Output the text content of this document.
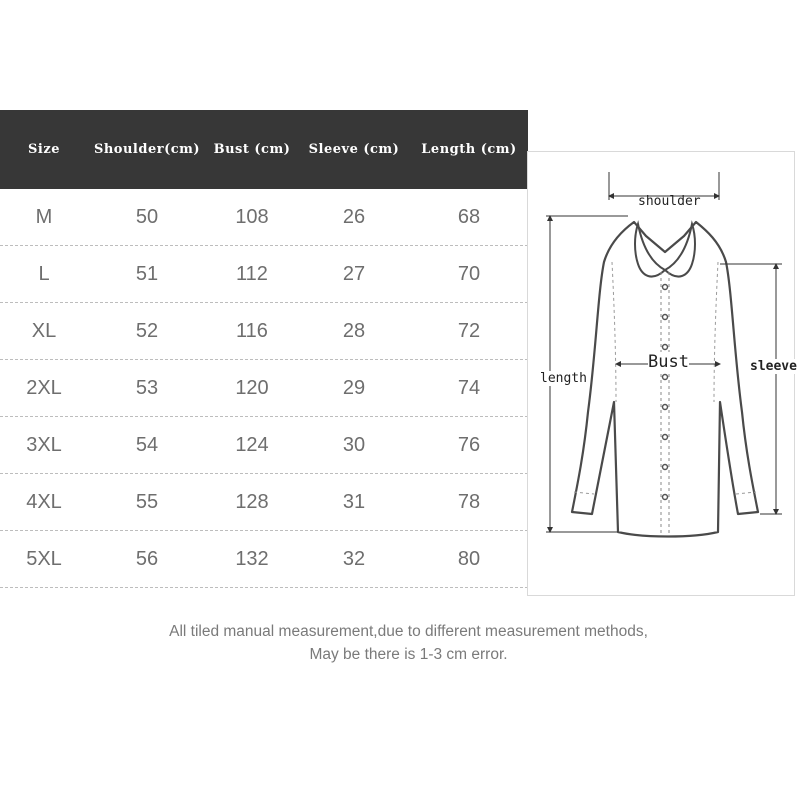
Size	Shoulder(cm)	Bust (cm)	Sleeve (cm)	Length (cm)
M	50	108	26	68
L	51	112	27	70
XL	52	116	28	72
2XL	53	120	29	74
3XL	54	124	30	76
4XL	55	128	31	78
5XL	56	132	32	80
shoulder
Bust
length
sleeve
All tiled manual measurement,due to different measurement methods,
May be there is 1-3 cm error.
